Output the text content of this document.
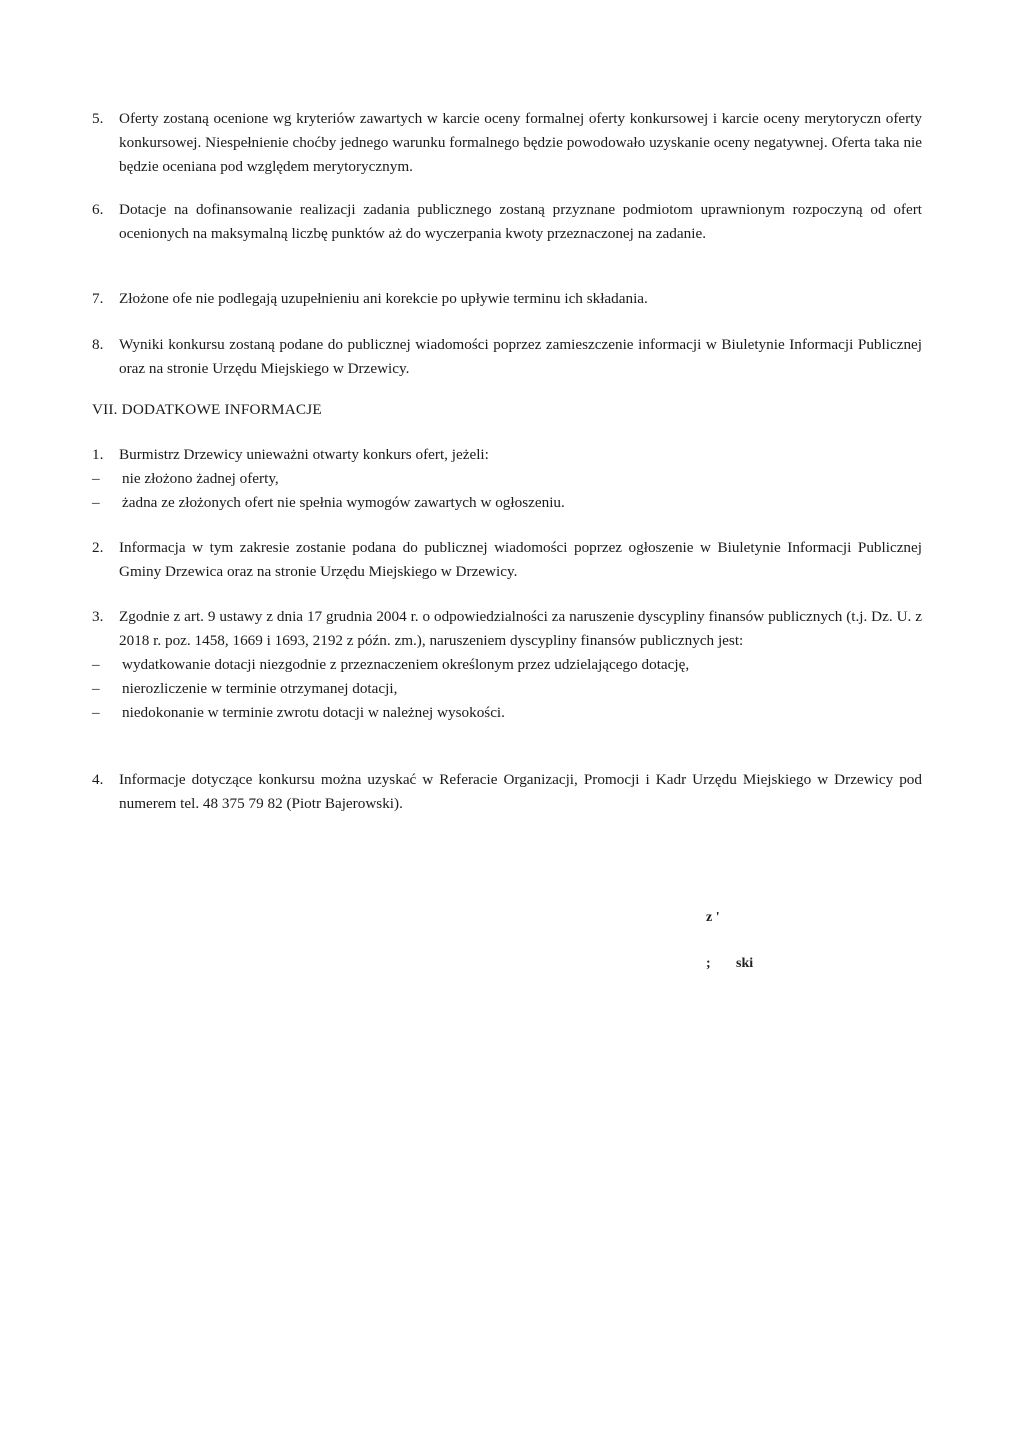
5.	Oferty zostaną ocenione wg kryteriów zawartych w karcie oceny formalnej oferty konkursowej i karcie oceny merytoryczn oferty konkursowej. Niespełnienie choćby jednego warunku formalnego będzie powodowało uzyskanie oceny negatywnej. Oferta taka nie będzie oceniana pod względem merytorycznym.
6.	Dotacje na dofinansowanie realizacji zadania publicznego zostaną przyznane podmiotom uprawnionym rozpoczyną od ofert ocenionych na maksymalną liczbę punktów aż do wyczerpania kwoty przeznaczonej na zadanie.
7.	Złożone ofe nie podlegają uzupełnieniu ani korekcie po upływie terminu ich składania.
8.	Wyniki konkursu zostaną podane do publicznej wiadomości poprzez zamieszczenie informacji w Biuletynie Informacji Publicznej oraz na stronie Urzędu Miejskiego w Drzewicy.
VII. DODATKOWE INFORMACJE
1.	Burmistrz Drzewicy unieważni otwarty konkurs ofert, jeżeli:
– nie złożono żadnej oferty,
– żadna ze złożonych ofert nie spełnia wymogów zawartych w ogłoszeniu.
2.	Informacja w tym zakresie zostanie podana do publicznej wiadomości poprzez ogłoszenie w Biuletynie Informacji Publicznej Gminy Drzewica oraz na stronie Urzędu Miejskiego w Drzewicy.
3.	Zgodnie z art. 9 ustawy z dnia 17 grudnia 2004 r. o odpowiedzialności za naruszenie dyscypliny finansów publicznych (t.j. Dz. U. z 2018 r. poz. 1458, 1669 i 1693, 2192 z późn. zm.), naruszeniem dyscypliny finansów publicznych jest:
– wydatkowanie dotacji niezgodnie z przeznaczeniem określonym przez udzielającego dotację,
– nierozliczenie w terminie otrzymanej dotacji,
– niedokonanie w terminie zwrotu dotacji w należnej wysokości.
4.	Informacje dotyczące konkursu można uzyskać w Referacie Organizacji, Promocji i Kadr Urzędu Miejskiego w Drzewicy pod numerem tel. 48 375 79 82 (Piotr Bajerowski).
z '
; ski
